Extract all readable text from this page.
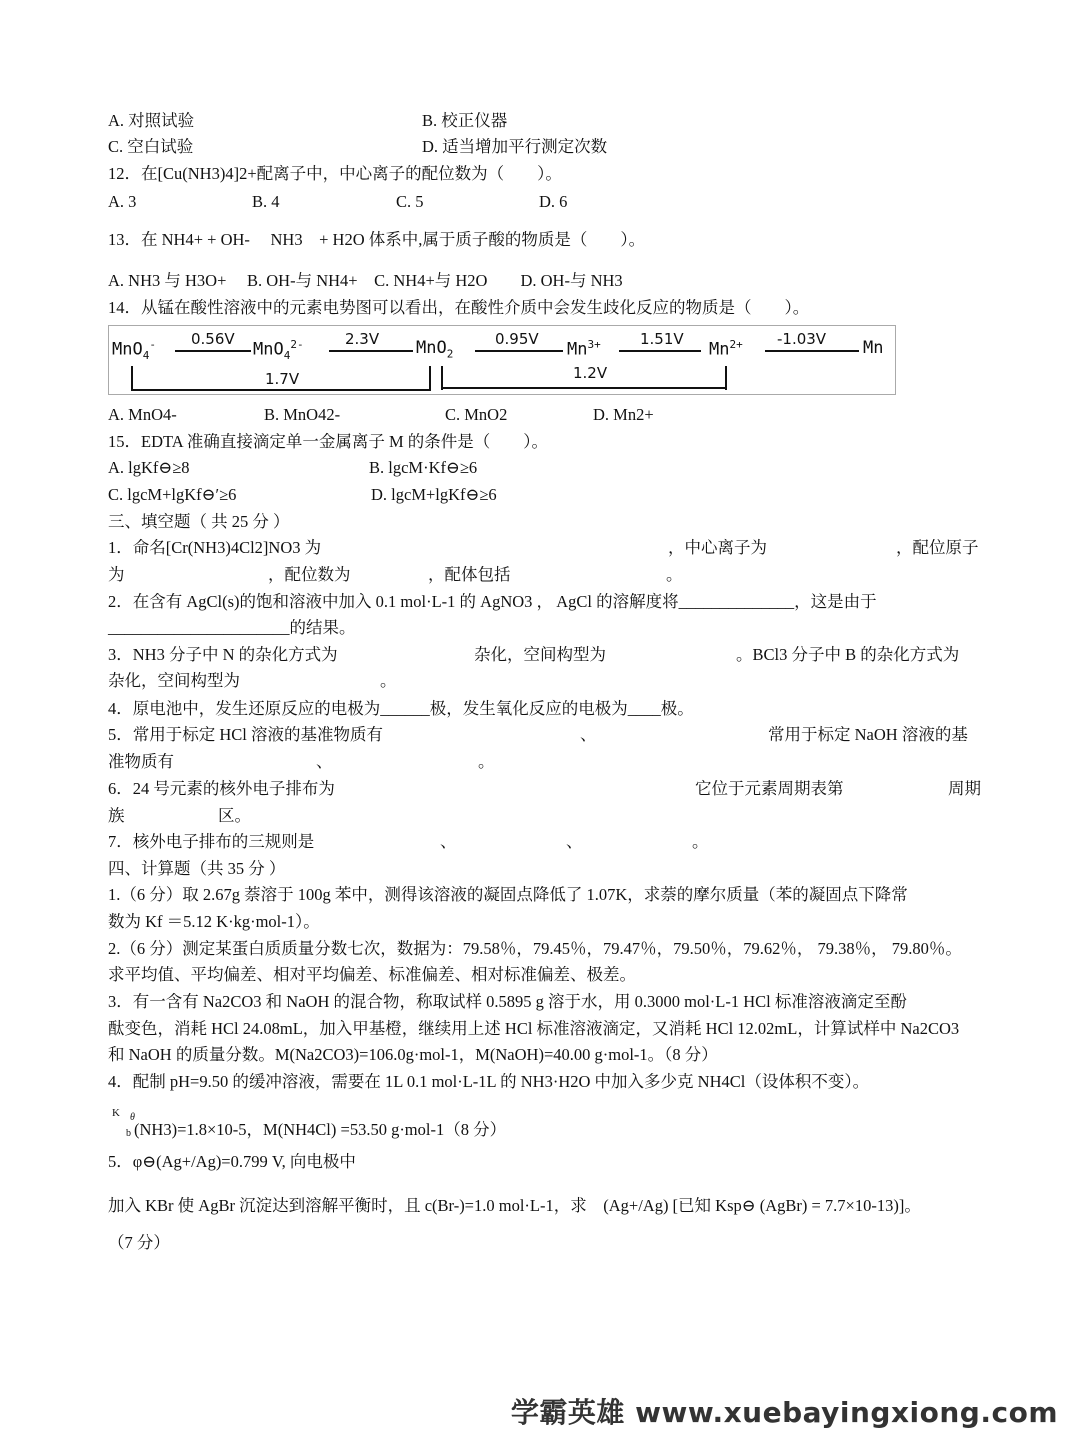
A. 对照试验	B. 校正仪器
C. 空白试验	D. 适当增加平行测定次数
12．在[Cu(NH3)4]2+配离子中，中心离子的配位数为（　　）。
A. 3	B. 4	C. 5	D. 6
13．在 NH4+ + OH-　 NH3　+ H2O 体系中,属于质子酸的物质是（　　）。
A. NH3 与 H3O+　 B. OH-与 NH4+　C. NH4+与 H2O　　D. OH-与 NH3
14．从锰在酸性溶液中的元素电势图可以看出，在酸性介质中会发生歧化反应的物质是（　　）。
MnO$_4$- 0.56V
MnO$_4^{2-}$	2.3V MnO$_2$
0.95V
$Mn^{3+}$	1.51V
$Mn^{2+}$ -1.03V Mn
1.7V	1.2V
A. MnO4-	B. MnO42-	C. MnO2	D. Mn2+
15．EDTA 准确直接滴定单一金属离子 M 的条件是（　　）。
A. lgKf⊖≥8	B. lgcM·Kf⊖≥6
C. lgcM+lgKf⊖′≥6	D. lgcM+lgKf⊖≥6
三、填空题（ 共 25 分 ）
1．命名[Cr(NH3)4Cl2]NO3 为	，中心离子为	，配位原子
为	，配位数为	，配体包括	。
2．在含有 AgCl(s)的饱和溶液中加入 0.1 mol·L-1 的 AgNO3 ， AgCl 的溶解度将______________，这是由于
______________________的结果。
3．NH3 分子中 N 的杂化方式为	杂化，空间构型为	。BCl3 分子中 B 的杂化方式为
杂化，空间构型为	。
4．原电池中，发生还原反应的电极为______极，发生氧化反应的电极为____极。
5．常用于标定 HCl 溶液的基准物质有	、	常用于标定 NaOH 溶液的基
准物质有	、	。
6．24 号元素的核外电子排布为	它位于元素周期表第	周期
族	区。
7．核外电子排布的三规则是	、	、	。
四、计算题（共 35 分 ）
1.（6 分）取 2.67g 萘溶于 100g 苯中，测得该溶液的凝固点降低了 1.07K，求萘的摩尔质量（苯的凝固点下降常
数为 Kf ＝5.12 K·kg·mol-1）。
2.（6 分）测定某蛋白质质量分数七次，数据为：79.58％，79.45％，79.47％，79.50％，79.62％， 79.38％， 79.80％。
求平均值、平均偏差、相对平均偏差、标准偏差、相对标准偏差、极差。
3．有一含有 Na2CO3 和 NaOH 的混合物，称取试样 0.5895 g 溶于水，用 0.3000 mol·L-1 HCl 标准溶液滴定至酚
酞变色，消耗 HCl 24.08mL，加入甲基橙，继续用上述 HCl 标准溶液滴定，又消耗 HCl 12.02mL，计算试样中 Na2CO3
和 NaOH 的质量分数。M(Na2CO3)=106.0g·mol-1，M(NaOH)=40.00 g·mol-1。（8 分）
4．配制 pH=9.50 的缓冲溶液，需要在 1L 0.1 mol·L-1L 的 NH3·H2O 中加入多少克 NH4Cl（设体积不变）。
K θ
b (NH3)=1.8×10-5，M(NH4Cl) =53.50 g·mol-1（8 分）
5．φ⊖(Ag+/Ag)=0.799 V, 向电极中
加入 KBr 使 AgBr 沉淀达到溶解平衡时，且 c(Br-)=1.0 mol·L-1，求　(Ag+/Ag) [已知 Ksp⊖ (AgBr) = 7.7×10-13)]。
（7 分）
学霸英雄 www.xuebayingxiong.com
